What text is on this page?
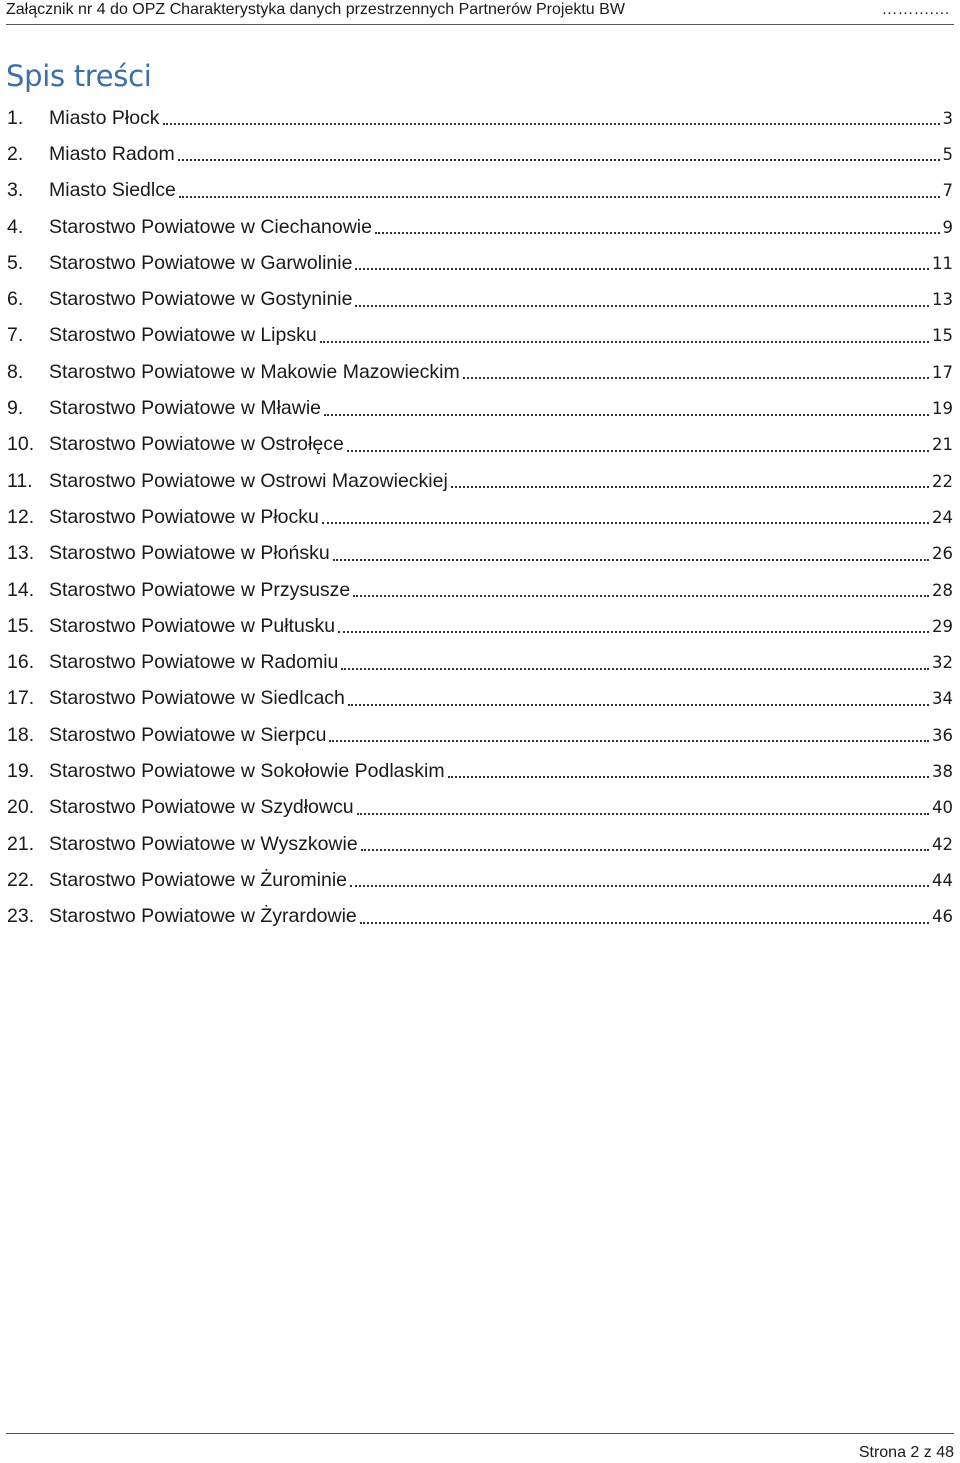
Załącznik nr 4 do OPZ Charakterystyka danych przestrzennych Partnerów Projektu BW	……….…
Spis treści
1.	Miasto Płock	3
2.	Miasto Radom	5
3.	Miasto Siedlce	7
4.	Starostwo Powiatowe w Ciechanowie	9
5.	Starostwo Powiatowe w Garwolinie	11
6.	Starostwo Powiatowe w Gostyninie	13
7.	Starostwo Powiatowe w Lipsku	15
8.	Starostwo Powiatowe w Makowie Mazowieckim	17
9.	Starostwo Powiatowe w Mławie	19
10. Starostwo Powiatowe w Ostrołęce	21
11. Starostwo Powiatowe w Ostrowi Mazowieckiej	22
12. Starostwo Powiatowe w Płocku	24
13. Starostwo Powiatowe w Płońsku	26
14. Starostwo Powiatowe w Przysusze	28
15. Starostwo Powiatowe w Pułtusku	29
16. Starostwo Powiatowe w Radomiu	32
17. Starostwo Powiatowe w Siedlcach	34
18. Starostwo Powiatowe w Sierpcu	36
19. Starostwo Powiatowe w Sokołowie Podlaskim	38
20. Starostwo Powiatowe w Szydłowcu	40
21. Starostwo Powiatowe w Wyszkowie	42
22. Starostwo Powiatowe w Żurominie	44
23. Starostwo Powiatowe w Żyrardowie	46
Strona 2 z 48
